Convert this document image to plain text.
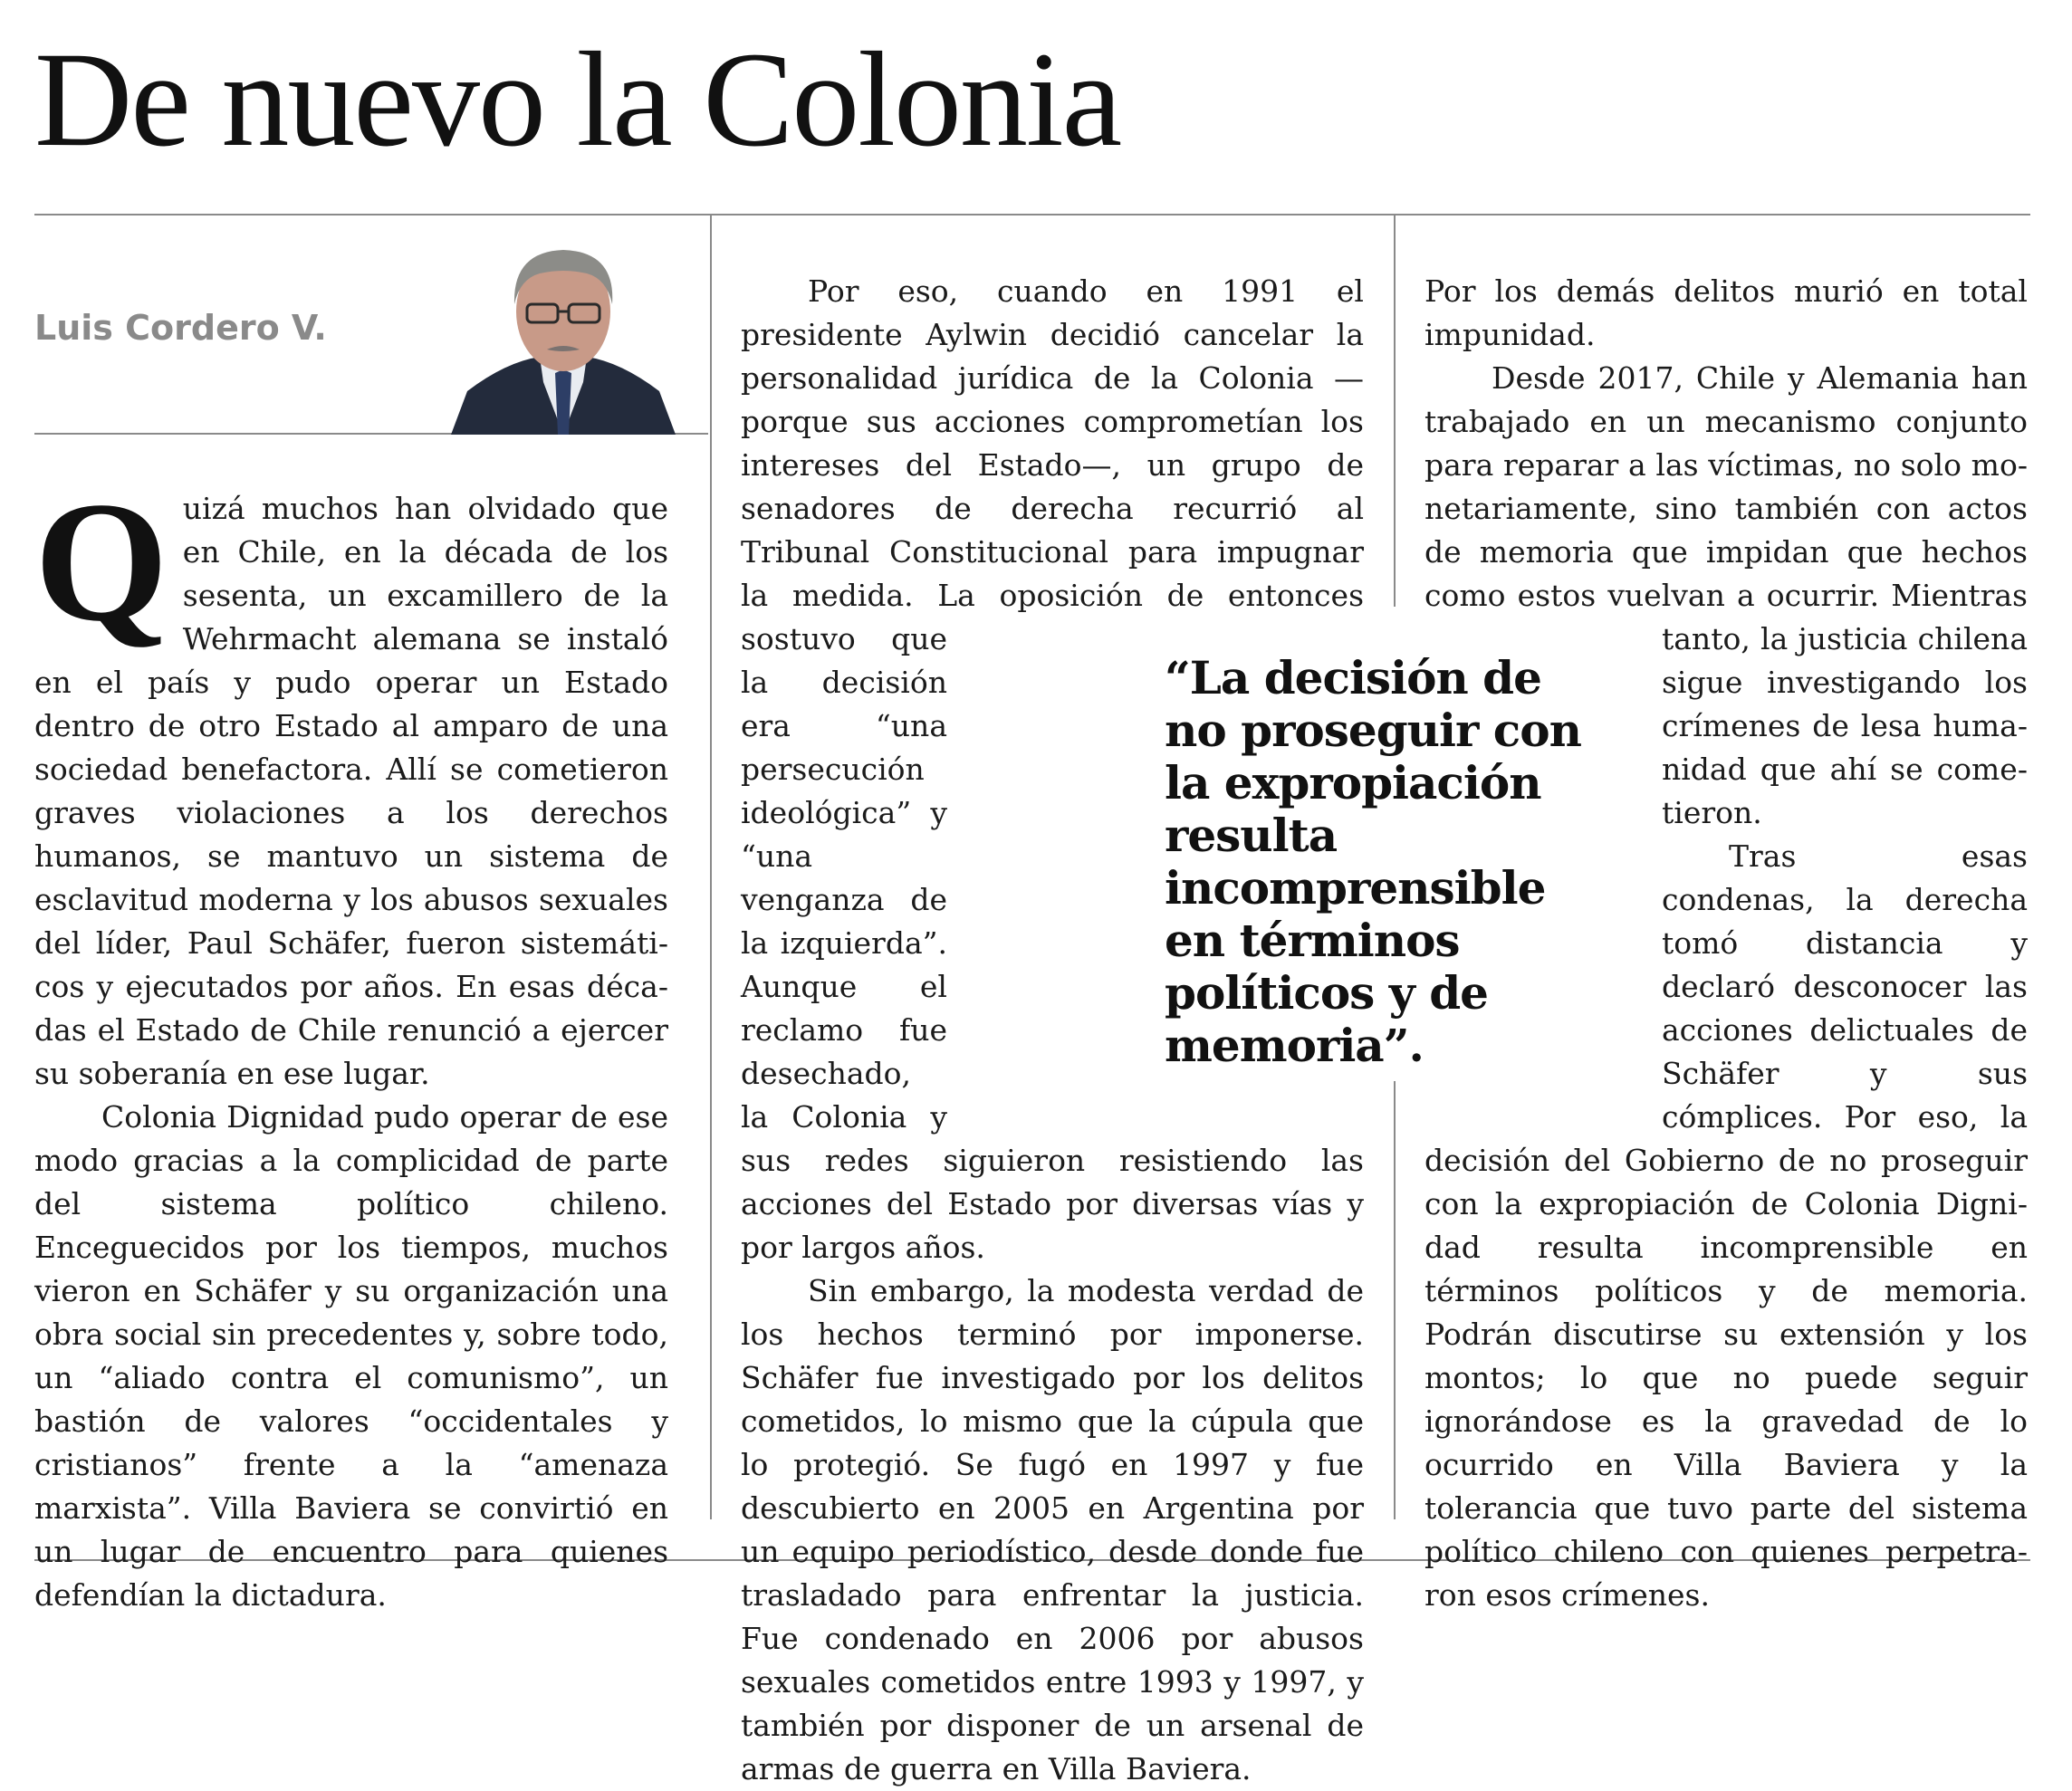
De nuevo la Colonia
Luis Cordero V.
Q uizá muchos han olvidado que en Chile, en la década de los sesenta, un excamillero de la Wehrmacht alemana se instaló en el país y pudo operar un Estado dentro de otro Estado al amparo de una sociedad benefactora. Allí se cometieron graves violaciones a los derechos humanos, se mantuvo un sistema de esclavitud moderna y los abusos sexuales del líder, Paul Schäfer, fueron sistemáticos y ejecutados por años. En esas décadas el Estado de Chile renunció a ejercer su soberanía en ese lugar.

Colonia Dignidad pudo operar de ese modo gracias a la complicidad de parte del sistema político chileno. Enceguecidos por los tiempos, muchos vieron en Schäfer y su organización una obra social sin precedentes y, sobre todo, un “aliado contra el comunismo”, un bastión de valores “occidentales y cristianos” frente a la “amenaza marxista”. Villa Baviera se convirtió en un lugar de encuentro para quienes defendían la dictadura.

Por eso, cuando en 1991 el presidente Aylwin decidió cancelar la personalidad jurídica de la Colonia —porque sus acciones comprometían los intereses del Estado—, un grupo de senadores de derecha recurrió al Tribunal Constitucional para impugnar la medida. La oposición de entonces sostuvo que la decisión era “una persecución ideológica” y “una venganza de la izquierda”. Aunque el reclamo fue desechado, la Colonia y sus redes siguieron resistiendo las acciones del Estado por diversas vías y por largos años.

Sin embargo, la modesta verdad de los hechos terminó por imponerse. Schäfer fue investigado por los delitos cometidos, lo mismo que la cúpula que lo protegió. Se fugó en 1997 y fue descubierto en 2005 en Argentina por un equipo periodístico, desde donde fue trasladado para enfrentar la justicia. Fue condenado en 2006 por abusos sexuales cometidos entre 1993 y 1997, y también por disponer de un arsenal de armas de guerra en Villa Baviera.

Por los demás delitos murió en total impunidad.

Desde 2017, Chile y Alemania han trabajado en un mecanismo conjunto para reparar a las víctimas, no solo monetariamente, sino también con actos de memoria que impidan que hechos como estos vuelvan a ocurrir. Mientras tanto, la justicia chilena sigue investigando los crímenes de lesa humanidad que ahí se cometieron.

Tras esas condenas, la derecha tomó distancia y declaró desconocer las acciones delictuales de Schäfer y sus cómplices. Por eso, la decisión del Gobierno de no proseguir con la expropiación de Colonia Dignidad resulta incomprensible en términos políticos y de memoria. Podrán discutirse su extensión y los montos; lo que no puede seguir ignorándose es la gravedad de lo ocurrido en Villa Baviera y la tolerancia que tuvo parte del sistema político chileno con quienes perpetraron esos crímenes.

“La decisión de no proseguir con la expropiación resulta incomprensible en términos políticos y de memoria”.
